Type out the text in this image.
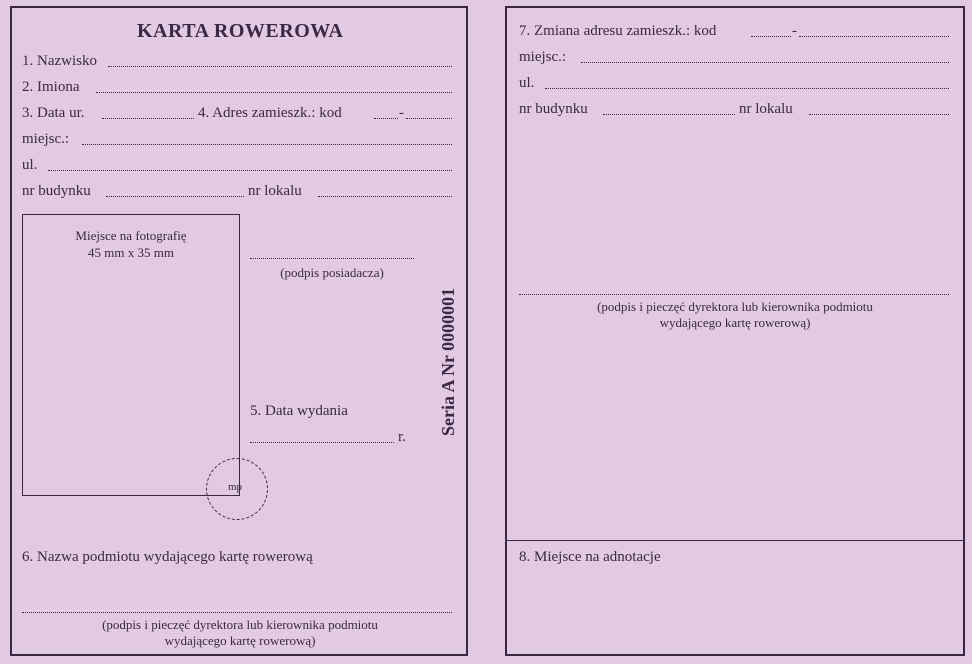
KARTA ROWEROWA
1. Nazwisko
2. Imiona
3. Data ur.	4. Adres zamieszk.: kod	-
miejsc.:
ul.
nr budynku	nr lokalu
Miejsce na fotografię
45 mm x 35 mm
mp
(podpis posiadacza)
5. Data wydania
r.
Seria A Nr 0000001
6. Nazwa podmiotu wydającego kartę rowerową
(podpis i pieczęć dyrektora lub kierownika podmiotu
wydającego kartę rowerową)
7. Zmiana adresu zamieszk.: kod	-
miejsc.:
ul.
nr budynku	nr lokalu
(podpis i pieczęć dyrektora lub kierownika podmiotu
wydającego kartę rowerową)
8. Miejsce na adnotacje
